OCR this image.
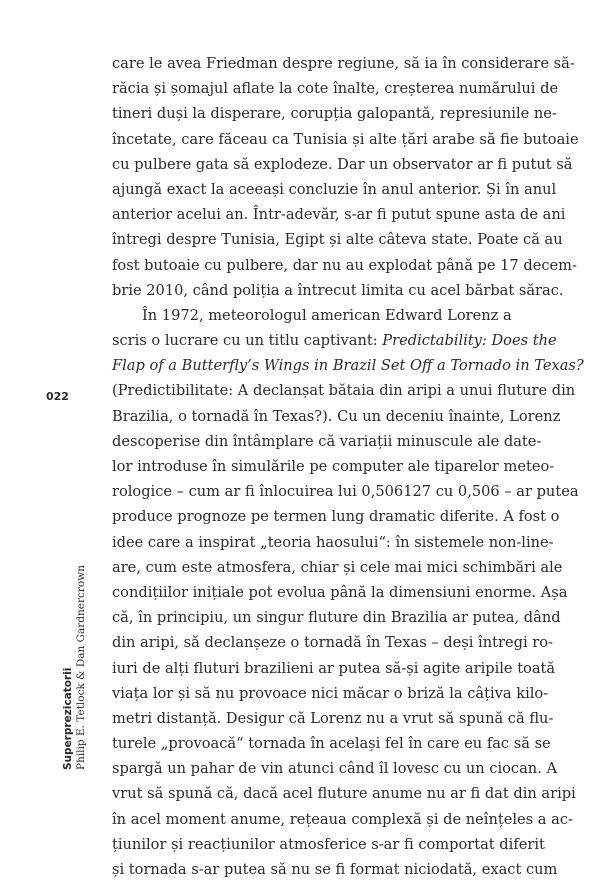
022
Superprezicatorii Philip E. Tetlock & Dan Gardnercrown
care le avea Friedman despre regiune, să ia în considerare să-
răcia și șomajul aflate la cote înalte, creșterea numărului de
tineri duși la disperare, corupția galopantă, represiunile ne-
încetate, care făceau ca Tunisia și alte țări arabe să fie butoaie
cu pulbere gata să explodeze. Dar un observator ar fi putut să
ajungă exact la aceeași concluzie în anul anterior. Și în anul
anterior acelui an. Într-adevăr, s-ar fi putut spune asta de ani
întregi despre Tunisia, Egipt și alte câteva state. Poate că au
fost butoaie cu pulbere, dar nu au explodat până pe 17 decem-
brie 2010, când poliția a întrecut limita cu acel bărbat sărac.
În 1972, meteorologul american Edward Lorenz a
scris o lucrare cu un titlu captivant: Predictability: Does the
Flap of a Butterfly’s Wings in Brazil Set Off a Tornado in Texas?
(Predictibilitate: A declanșat bătaia din aripi a unui fluture din
Brazilia, o tornadă în Texas?). Cu un deceniu înainte, Lorenz
descoperise din întâmplare că variații minuscule ale date-
lor introduse în simulările pe computer ale tiparelor meteo-
rologice – cum ar fi înlocuirea lui 0,506127 cu 0,506 – ar putea
produce prognoze pe termen lung dramatic diferite. A fost o
idee care a inspirat „teoria haosului“: în sistemele non-line-
are, cum este atmosfera, chiar și cele mai mici schimbări ale
condițiilor inițiale pot evolua până la dimensiuni enorme. Așa
că, în principiu, un singur fluture din Brazilia ar putea, dând
din aripi, să declanșeze o tornadă în Texas – deși întregi ro-
iuri de alți fluturi brazilieni ar putea să-și agite aripile toată
viața lor și să nu provoace nici măcar o briză la câțiva kilo-
metri distanță. Desigur că Lorenz nu a vrut să spună că flu-
turele „provoacă“ tornada în același fel în care eu fac să se
spargă un pahar de vin atunci când îl lovesc cu un ciocan. A
vrut să spună că, dacă acel fluture anume nu ar fi dat din aripi
în acel moment anume, rețeaua complexă și de neînțeles a ac-
țiunilor și reacțiunilor atmosferice s-ar fi comportat diferit
și tornada s-ar putea să nu se fi format niciodată, exact cum
